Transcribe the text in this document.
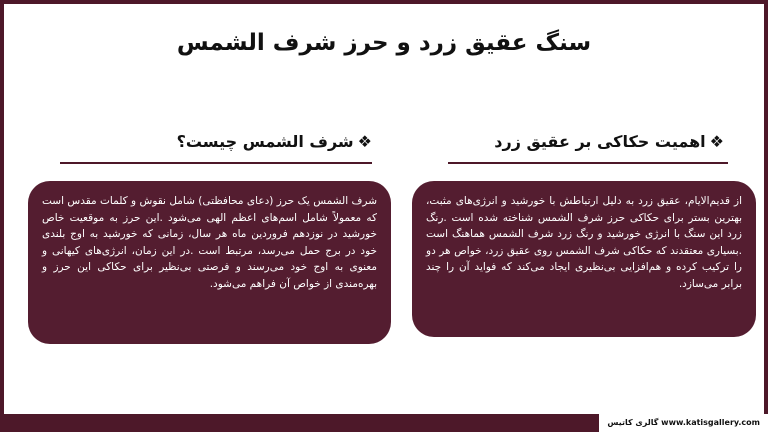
سنگ عقیق زرد و حرز شرف الشمس
❖اهمیت حکاکی بر عقیق زرد
از قدیم‌الایام، عقیق زرد به دلیل ارتباطش با خورشید و انرژی‌های مثبت، بهترین بستر برای حکاکی حرز شرف الشمس شناخته شده است .رنگ زرد این سنگ با انرژی خورشید و رنگ زرد شرف الشمس هماهنگ است .بسیاری معتقدند که حکاکی شرف الشمس روی عقیق زرد، خواص هر دو را ترکیب کرده و هم‌افزایی بی‌نظیری ایجاد می‌کند که فواید آن را چند برابر می‌سازد.
❖شرف الشمس چیست؟
شرف الشمس یک حرز (دعای محافظتی) شامل نقوش و کلمات مقدس است که معمولاً شامل اسم‌های اعظم الهی می‌شود .این حرز به موقعیت خاص خورشید در نوزدهم فروردین ماه هر سال، زمانی که خورشید به اوج بلندی خود در برج حمل می‌رسد، مرتبط است .در این زمان، انرژی‌های کیهانی و معنوی به اوج خود می‌رسند و فرصتی بی‌نظیر برای حکاکی این حرز و بهره‌مندی از خواص آن فراهم می‌شود.
www.katisgallery.com گالری کاتیس
